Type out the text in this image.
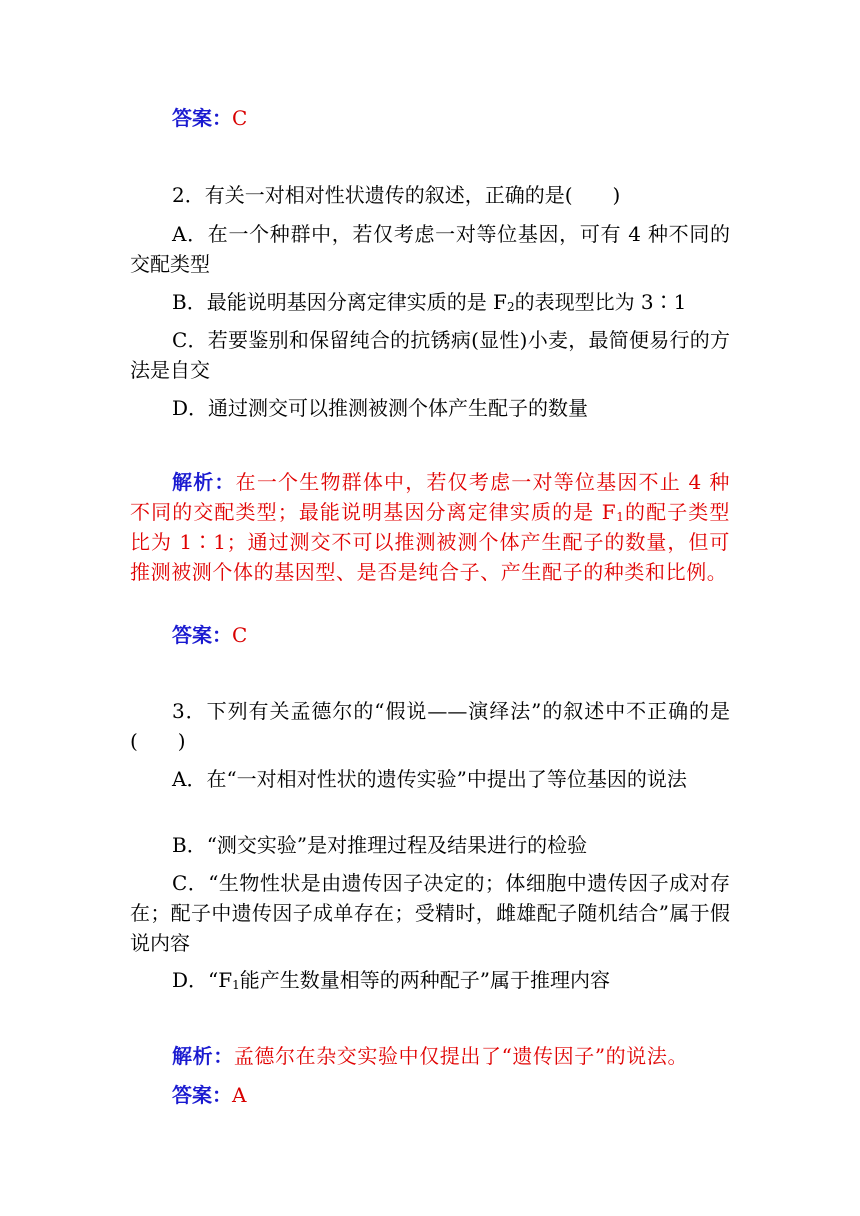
答案：C

2．有关一对相对性状遗传的叙述，正确的是(　　)

A．在一个种群中，若仅考虑一对等位基因，可有 4 种不同的交配类型

B．最能说明基因分离定律实质的是 $F_2$的表现型比为 3∶1

C．若要鉴别和保留纯合的抗锈病(显性)小麦，最简便易行的方法是自交

D．通过测交可以推测被测个体产生配子的数量

解析：在一个生物群体中，若仅考虑一对等位基因不止 4 种不同的交配类型；最能说明基因分离定律实质的是 $F_1$的配子类型比为 1∶1；通过测交不可以推测被测个体产生配子的数量，但可推测被测个体的基因型、是否是纯合子、产生配子的种类和比例。

答案：C

3．下列有关孟德尔的“假说——演绎法”的叙述中不正确的是(　　)

A．在“一对相对性状的遗传实验”中提出了等位基因的说法

B．“测交实验”是对推理过程及结果进行的检验

C．“生物性状是由遗传因子决定的；体细胞中遗传因子成对存在；配子中遗传因子成单存在；受精时，雌雄配子随机结合”属于假说内容

D．“$F_1$能产生数量相等的两种配子”属于推理内容

解析：孟德尔在杂交实验中仅提出了“遗传因子”的说法。

答案：A
